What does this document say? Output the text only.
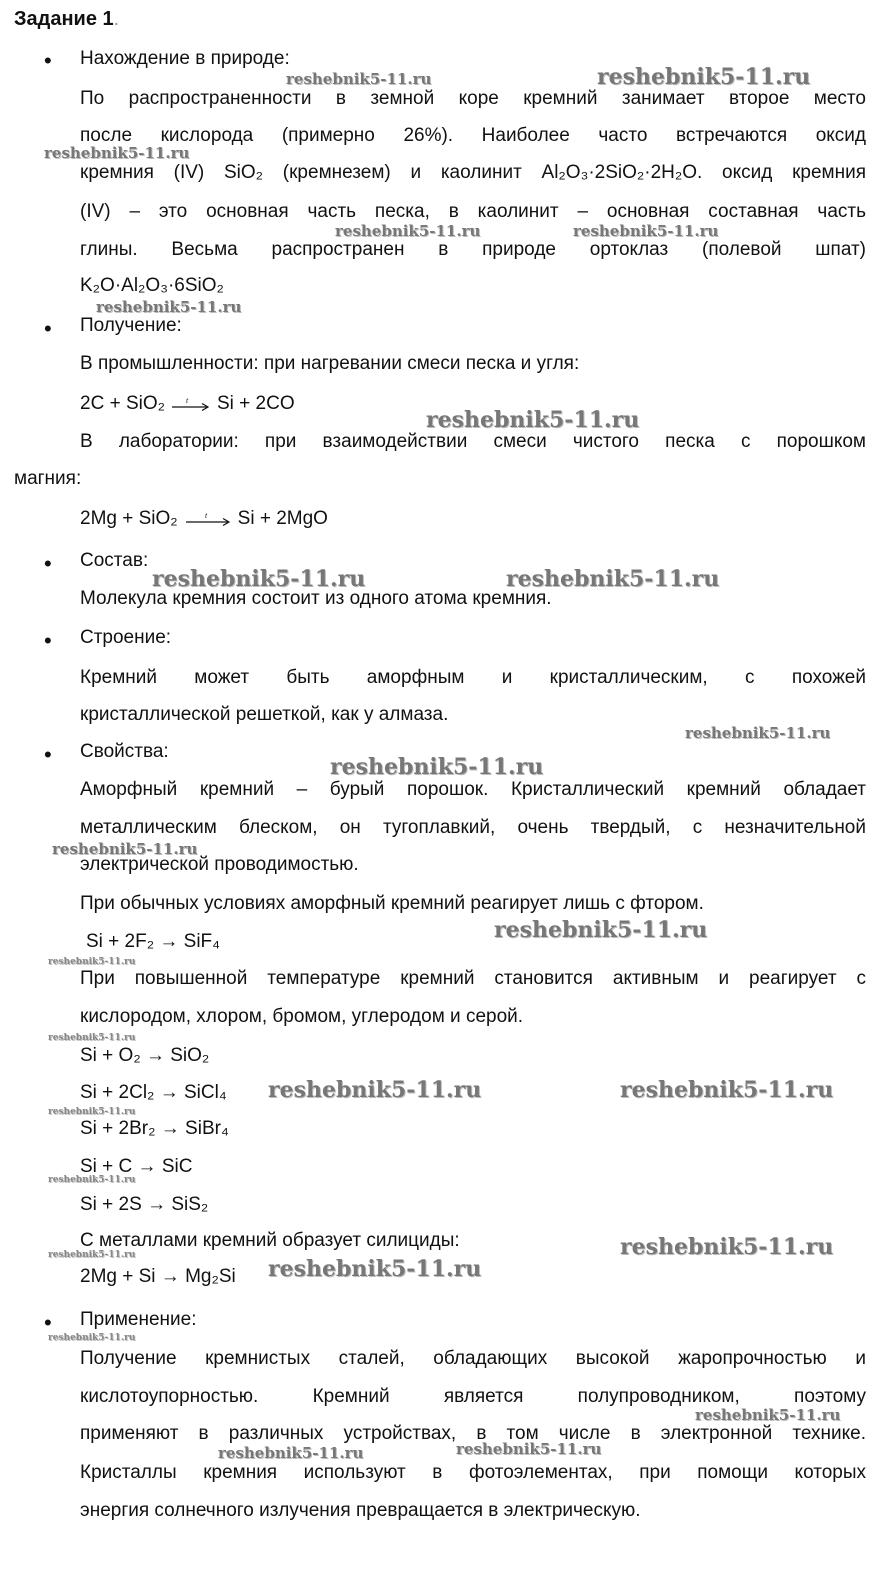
Задание 1.
• Нахождение в природе:
По распространенности в земной коре кремний занимает второе место
после кислорода (примерно 26%). Наиболее часто встречаются оксид
кремния (IV) SiO₂ (кремнезем) и каолинит Al₂O₃·2SiO₂·2H₂O. оксид кремния
(IV) – это основная часть песка, в каолинит – основная составная часть
глины. Весьма распространен в природе ортоклаз (полевой шпат)
K₂O·Al₂O₃·6SiO₂
• Получение:
В промышленности: при нагревании смеси песка и угля:
2C + SiO₂	t Si + 2CO
В лаборатории: при взаимодействии смеси чистого песка с порошком
магния:
2Mg + SiO₂	t Si + 2MgO
• Состав:
Молекула кремния состоит из одного атома кремния.
• Строение:
Кремний может быть аморфным и кристаллическим, с похожей
кристаллической решеткой, как у алмаза.
• Свойства:
Аморфный кремний – бурый порошок. Кристаллический кремний обладает
металлическим блеском, он тугоплавкий, очень твердый, с незначительной
электрической проводимостью.
При обычных условиях аморфный кремний реагирует лишь с фтором.
Si + 2F₂ → SiF₄
При повышенной температуре кремний становится активным и реагирует с
кислородом, хлором, бромом, углеродом и серой.
Si + O₂ → SiO₂
Si + 2Cl₂ → SiCl₄
Si + 2Br₂ → SiBr₄
Si + C → SiC
Si + 2S → SiS₂
С металлами кремний образует силициды:
2Mg + Si → Mg₂Si
• Применение:
Получение кремнистых сталей, обладающих высокой жаропрочностью и
кислотоупорностью. Кремний является полупроводником, поэтому
применяют в различных устройствах, в том числе в электронной технике.
Кристаллы кремния используют в фотоэлементах, при помощи которых
энергия солнечного излучения превращается в электрическую.
reshebnik5-11.ru	reshebnik5-11.ru
reshebnik5-11.ru
reshebnik5-11.ru	reshebnik5-11.ru
reshebnik5-11.ru
reshebnik5-11.ru
reshebnik5-11.ru	reshebnik5-11.ru
reshebnik5-11.ru
reshebnik5-11.ru
reshebnik5-11.ru
reshebnik5-11.ru
reshebnik5-11.ru
reshebnik5-11.ru
reshebnik5-11.ru	reshebnik5-11.ru
reshebnik5-11.ru
reshebnik5-11.ru
reshebnik5-11.ru
reshebnik5-11.ru
reshebnik5-11.ru
reshebnik5-11.ru
reshebnik5-11.ru
reshebnik5-11.ru	reshebnik5-11.ru
